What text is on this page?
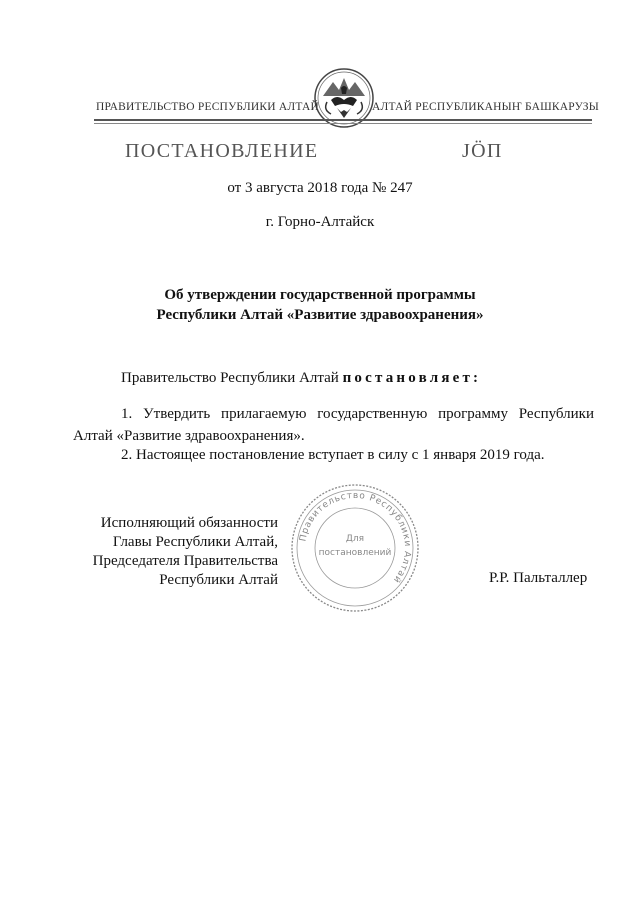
ПРАВИТЕЛЬСТВО РЕСПУБЛИКИ АЛТАЙ	АЛТАЙ РЕСПУБЛИКАНЫҤ БАШКАРУЗЫ
ПОСТАНОВЛЕНИЕ	JÖП
от 3 августа 2018 года № 247
г. Горно-Алтайск
Об утверждении государственной программы
Республики Алтай «Развитие здравоохранения»
Правительство Республики Алтай постановляет:
1. Утвердить прилагаемую государственную программу Республики Алтай «Развитие здравоохранения».
2. Настоящее постановление вступает в силу с 1 января 2019 года.
Исполняющий обязанности
Главы Республики Алтай,
Председателя Правительства
Республики Алтай
Правительство Республики Алтай
Для
постановлений
Р.Р. Пальталлер
